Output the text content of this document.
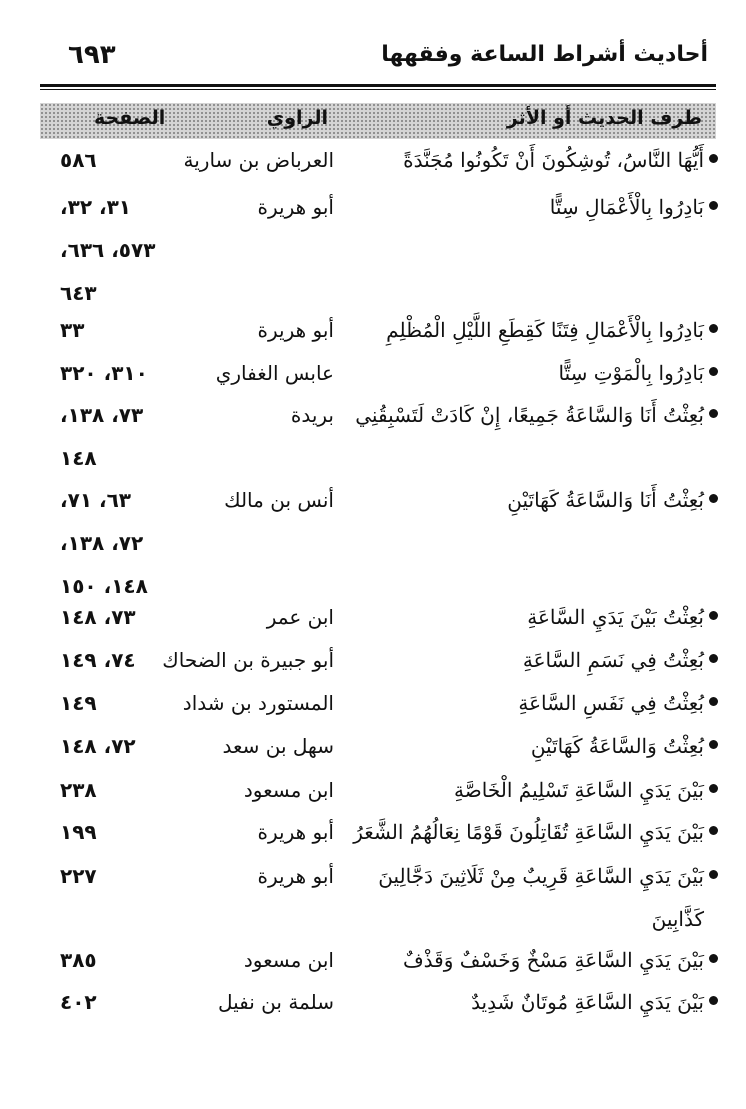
٦٩٣	أحاديث أشراط الساعة وفقهها
طرف الحديث أو الأثر
الراوي
الصفحة
أَيُّهَا النَّاسُ، تُوشِكُونَ أَنْ تَكُونُوا مُجَنَّدَةً
العرباض بن سارية
٥٨٦
بَادِرُوا بِالْأَعْمَالِ سِتًّا
أبو هريرة
٣١، ٣٢،
٥٧٣، ٦٣٦،
٦٤٣
بَادِرُوا بِالْأَعْمَالِ فِتَنًا كَقِطَعِ اللَّيْلِ الْمُظْلِمِ
أبو هريرة
٣٣
بَادِرُوا بِالْمَوْتِ سِتًّا
عابس الغفاري
٣١٠، ٣٢٠
بُعِثْتُ أَنَا وَالسَّاعَةُ جَمِيعًا، إِنْ كَادَتْ لَتَسْبِقُنِي
بريدة
٧٣، ١٣٨،
١٤٨
بُعِثْتُ أَنَا وَالسَّاعَةُ كَهَاتَيْنِ
أنس بن مالك
٦٣، ٧١،
٧٢، ١٣٨،
١٤٨، ١٥٠
بُعِثْتُ بَيْنَ يَدَيِ السَّاعَةِ
ابن عمر
٧٣، ١٤٨
بُعِثْتُ فِي نَسَمِ السَّاعَةِ
أبو جبيرة بن الضحاك
٧٤، ١٤٩
بُعِثْتُ فِي نَفَسِ السَّاعَةِ
المستورد بن شداد
١٤٩
بُعِثْتُ وَالسَّاعَةُ كَهَاتَيْنِ
سهل بن سعد
٧٢، ١٤٨
بَيْنَ يَدَيِ السَّاعَةِ تَسْلِيمُ الْخَاصَّةِ
ابن مسعود
٢٣٨
بَيْنَ يَدَيِ السَّاعَةِ تُقَاتِلُونَ قَوْمًا نِعَالُهُمُ الشَّعَرُ
أبو هريرة
١٩٩
بَيْنَ يَدَيِ السَّاعَةِ قَرِيبٌ مِنْ ثَلَاثِينَ دَجَّالِينَ
كَذَّابِينَ
أبو هريرة
٢٢٧
بَيْنَ يَدَيِ السَّاعَةِ مَسْخٌ وَخَسْفٌ وَقَذْفٌ
ابن مسعود
٣٨٥
بَيْنَ يَدَيِ السَّاعَةِ مُوتَانٌ شَدِيدٌ
سلمة بن نفيل
٤٠٢
